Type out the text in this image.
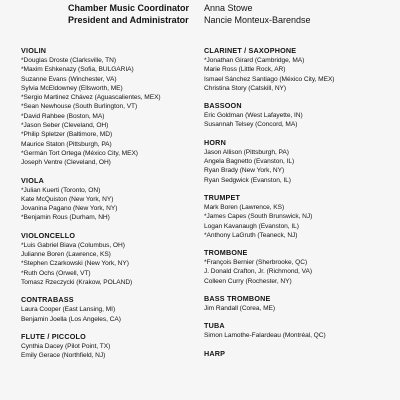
Chamber Music Coordinator Anna Stowe
President and Administrator Nancie Monteux-Barendse
VIOLIN
*Douglas Droste (Clarksville, TN)
*Maxim Eshkenazy (Sofia, BULGARIA)
Suzanne Evans (Winchester, VA)
Sylvia McEldowney (Ellsworth, ME)
*Sergio Martinez Chávez (Aguascalientes, MEX)
*Sean Newhouse (South Burlington, VT)
*David Rahbee (Boston, MA)
*Jason Seber (Cleveland, OH)
*Philip Spletzer (Baltimore, MD)
Maurice Staton (Pittsburgh, PA)
*Germán Tort Ortega (México City, MEX)
Joseph Ventre (Cleveland, OH)
VIOLA
*Julian Kuerti (Toronto, ON)
Kate McQuiston (New York, NY)
Jovanina Pagano (New York, NY)
*Benjamin Rous (Durham, NH)
VIOLONCELLO
*Luis Gabriel Biava (Columbus, OH)
Julianne Boren (Lawrence, KS)
*Stephen Czarkowski (New York, NY)
*Ruth Ochs (Orwell, VT)
Tomasz Rzeczycki (Krakow, POLAND)
CONTRABASS
Laura Cooper (East Lansing, MI)
Benjamin Joella (Los Angeles, CA)
FLUTE / PICCOLO
Cynthia Dacey (Pilot Point, TX)
Emily Gerace (Northfield, NJ)
CLARINET / SAXOPHONE
*Jonathan Girard (Cambridge, MA)
Marie Ross (Little Rock, AR)
Ismael Sánchez Santiago (México City, MEX)
Christina Story (Catskill, NY)
BASSOON
Eric Goldman (West Lafayette, IN)
Susannah Telsey (Concord, MA)
HORN
Jason Allison (Pittsburgh, PA)
Angela Bagnetto (Evanston, IL)
Ryan Brady (New York, NY)
Ryan Sedgwick (Evanston, IL)
TRUMPET
Mark Boren (Lawrence, KS)
*James Capes (South Brunswick, NJ)
Logan Kavanaugh (Evanston, IL)
*Anthony LaGruth (Teaneck, NJ)
TROMBONE
*François Bernier (Sherbrooke, QC)
J. Donald Crafton, Jr. (Richmond, VA)
Colleen Curry (Rochester, NY)
BASS TROMBONE
Jim Randall (Corea, ME)
TUBA
Simon Lamothe-Falardeau (Montréal, QC)
HARP
